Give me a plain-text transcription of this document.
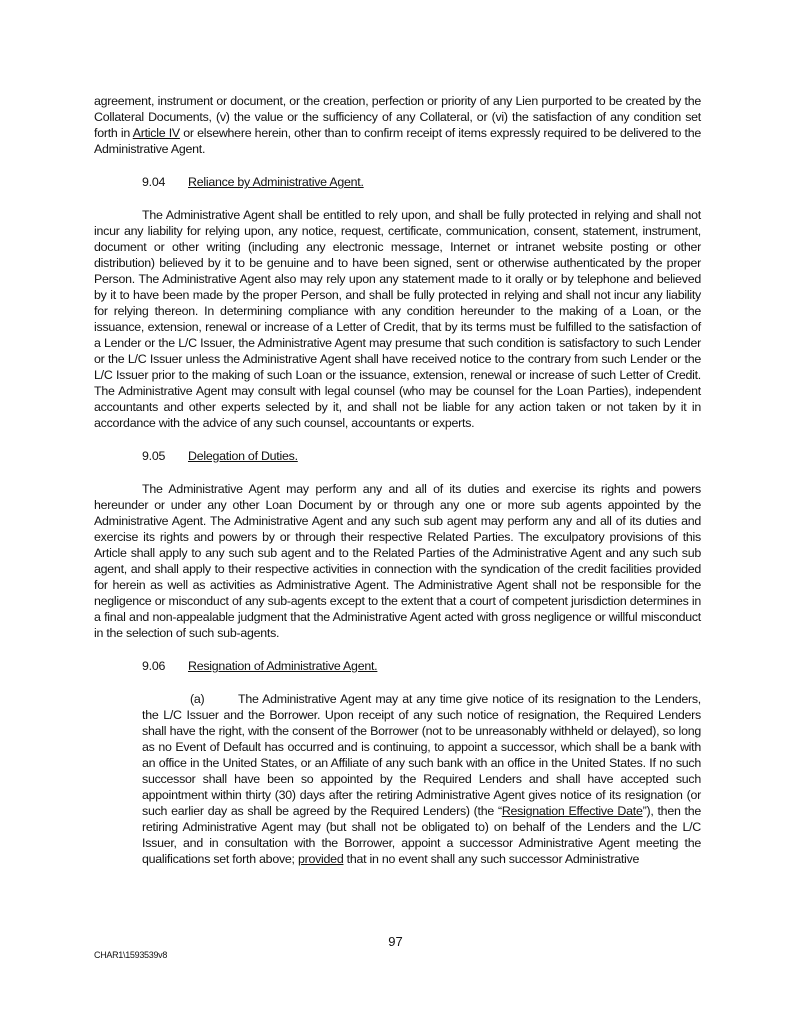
agreement, instrument or document, or the creation, perfection or priority of any Lien purported to be created by the Collateral Documents, (v) the value or the sufficiency of any Collateral, or (vi) the satisfaction of any condition set forth in Article IV or elsewhere herein, other than to confirm receipt of items expressly required to be delivered to the Administrative Agent.

9.04	Reliance by Administrative Agent.

The Administrative Agent shall be entitled to rely upon, and shall be fully protected in relying and shall not incur any liability for relying upon, any notice, request, certificate, communication, consent, statement, instrument, document or other writing (including any electronic message, Internet or intranet website posting or other distribution) believed by it to be genuine and to have been signed, sent or otherwise authenticated by the proper Person. The Administrative Agent also may rely upon any statement made to it orally or by telephone and believed by it to have been made by the proper Person, and shall be fully protected in relying and shall not incur any liability for relying thereon. In determining compliance with any condition hereunder to the making of a Loan, or the issuance, extension, renewal or increase of a Letter of Credit, that by its terms must be fulfilled to the satisfaction of a Lender or the L/C Issuer, the Administrative Agent may presume that such condition is satisfactory to such Lender or the L/C Issuer unless the Administrative Agent shall have received notice to the contrary from such Lender or the L/C Issuer prior to the making of such Loan or the issuance, extension, renewal or increase of such Letter of Credit. The Administrative Agent may consult with legal counsel (who may be counsel for the Loan Parties), independent accountants and other experts selected by it, and shall not be liable for any action taken or not taken by it in accordance with the advice of any such counsel, accountants or experts.

9.05	Delegation of Duties.

The Administrative Agent may perform any and all of its duties and exercise its rights and powers hereunder or under any other Loan Document by or through any one or more sub agents appointed by the Administrative Agent. The Administrative Agent and any such sub agent may perform any and all of its duties and exercise its rights and powers by or through their respective Related Parties. The exculpatory provisions of this Article shall apply to any such sub agent and to the Related Parties of the Administrative Agent and any such sub agent, and shall apply to their respective activities in connection with the syndication of the credit facilities provided for herein as well as activities as Administrative Agent. The Administrative Agent shall not be responsible for the negligence or misconduct of any sub-agents except to the extent that a court of competent jurisdiction determines in a final and non-appealable judgment that the Administrative Agent acted with gross negligence or willful misconduct in the selection of such sub-agents.

9.06	Resignation of Administrative Agent.

(a)	The Administrative Agent may at any time give notice of its resignation to the Lenders, the L/C Issuer and the Borrower. Upon receipt of any such notice of resignation, the Required Lenders shall have the right, with the consent of the Borrower (not to be unreasonably withheld or delayed), so long as no Event of Default has occurred and is continuing, to appoint a successor, which shall be a bank with an office in the United States, or an Affiliate of any such bank with an office in the United States. If no such successor shall have been so appointed by the Required Lenders and shall have accepted such appointment within thirty (30) days after the retiring Administrative Agent gives notice of its resignation (or such earlier day as shall be agreed by the Required Lenders) (the “Resignation Effective Date”), then the retiring Administrative Agent may (but shall not be obligated to) on behalf of the Lenders and the L/C Issuer, and in consultation with the Borrower, appoint a successor Administrative Agent meeting the qualifications set forth above; provided that in no event shall any such successor Administrative

97
CHAR1\1593539v8
